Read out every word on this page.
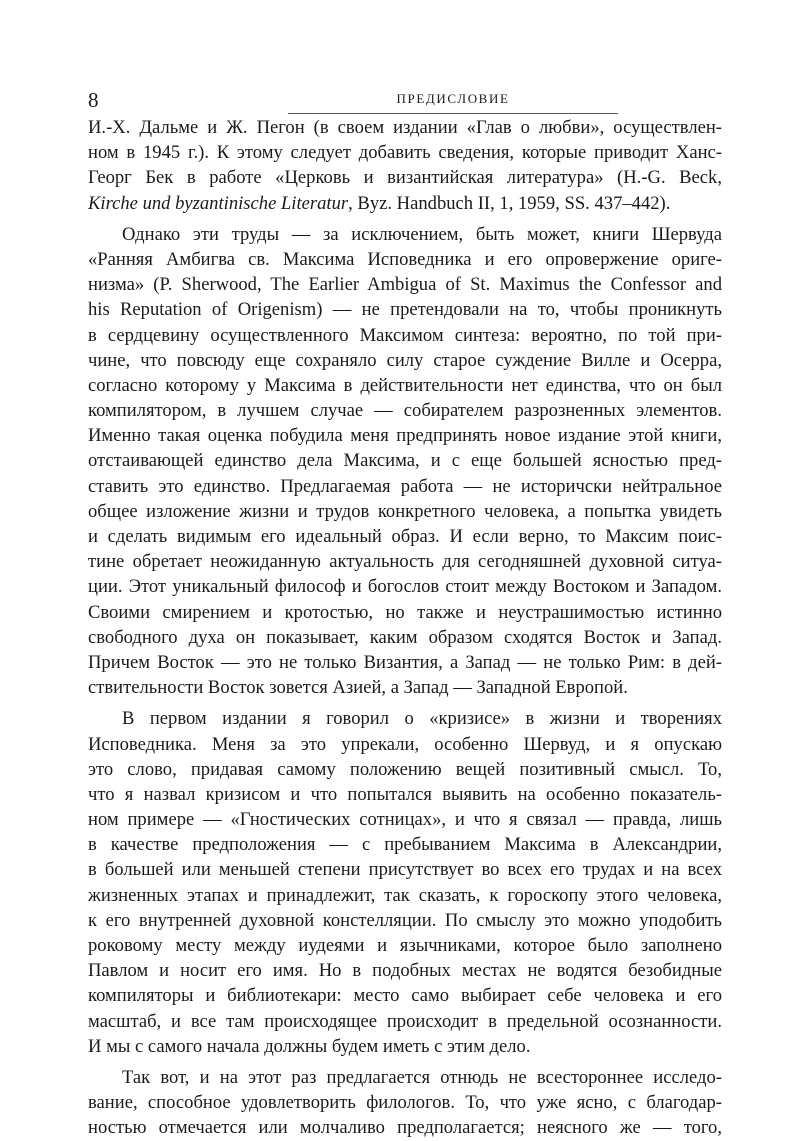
8	ПРЕДИСЛОВИЕ
И.-Х. Дальме и Ж. Пегон (в своем издании «Глав о любви», осуществлен-
ном в 1945 г.). К этому следует добавить сведения, которые приводит Ханс-
Георг Бек в работе «Церковь и византийская литература» (H.-G. Beck,
Kirche und byzantinische Literatur, Byz. Handbuch II, 1, 1959, SS. 437–442).
Однако эти труды — за исключением, быть может, книги Шервуда
«Ранняя Амбигва св. Максима Исповедника и его опровержение ориге-
низма» (P. Sherwood, The Earlier Ambigua of St. Maximus the Confessor and
his Reputation of Origenism) — не претендовали на то, чтобы проникнуть
в сердцевину осуществленного Максимом синтеза: вероятно, по той при-
чине, что повсюду еще сохраняло силу старое суждение Вилле и Осерра,
согласно которому у Максима в действительности нет единства, что он был
компилятором, в лучшем случае — собирателем разрозненных элементов.
Именно такая оценка побудила меня предпринять новое издание этой книги,
отстаивающей единство дела Максима, и с еще большей ясностью пред-
ставить это единство. Предлагаемая работа — не историчски нейтральное
общее изложение жизни и трудов конкретного человека, а попытка увидеть
и сделать видимым его идеальный образ. И если верно, то Максим поис-
тине обретает неожиданную актуальность для сегодняшней духовной ситуа-
ции. Этот уникальный философ и богослов стоит между Востоком и Западом.
Своими смирением и кротостью, но также и неустрашимостью истинно
свободного духа он показывает, каким образом сходятся Восток и Запад.
Причем Восток — это не только Византия, а Запад — не только Рим: в дей-
ствительности Восток зовется Азией, а Запад — Западной Европой.
В первом издании я говорил о «кризисе» в жизни и творениях
Исповедника. Меня за это упрекали, особенно Шервуд, и я опускаю
это слово, придавая самому положению вещей позитивный смысл. То,
что я назвал кризисом и что попытался выявить на особенно показатель-
ном примере — «Гностических сотницах», и что я связал — правда, лишь
в качестве предположения — с пребыванием Максима в Александрии,
в большей или меньшей степени присутствует во всех его трудах и на всех
жизненных этапах и принадлежит, так сказать, к гороскопу этого человека,
к его внутренней духовной констелляции. По смыслу это можно уподобить
роковому месту между иудеями и язычниками, которое было заполнено
Павлом и носит его имя. Но в подобных местах не водятся безобидные
компиляторы и библиотекари: место само выбирает себе человека и его
масштаб, и все там происходящее происходит в предельной осознанности.
И мы с самого начала должны будем иметь с этим дело.
Так вот, и на этот раз предлагается отнюдь не всестороннее исследо-
вание, способное удовлетворить филологов. То, что уже ясно, с благодар-
ностью отмечается или молчаливо предполагается; неясного же — того,
